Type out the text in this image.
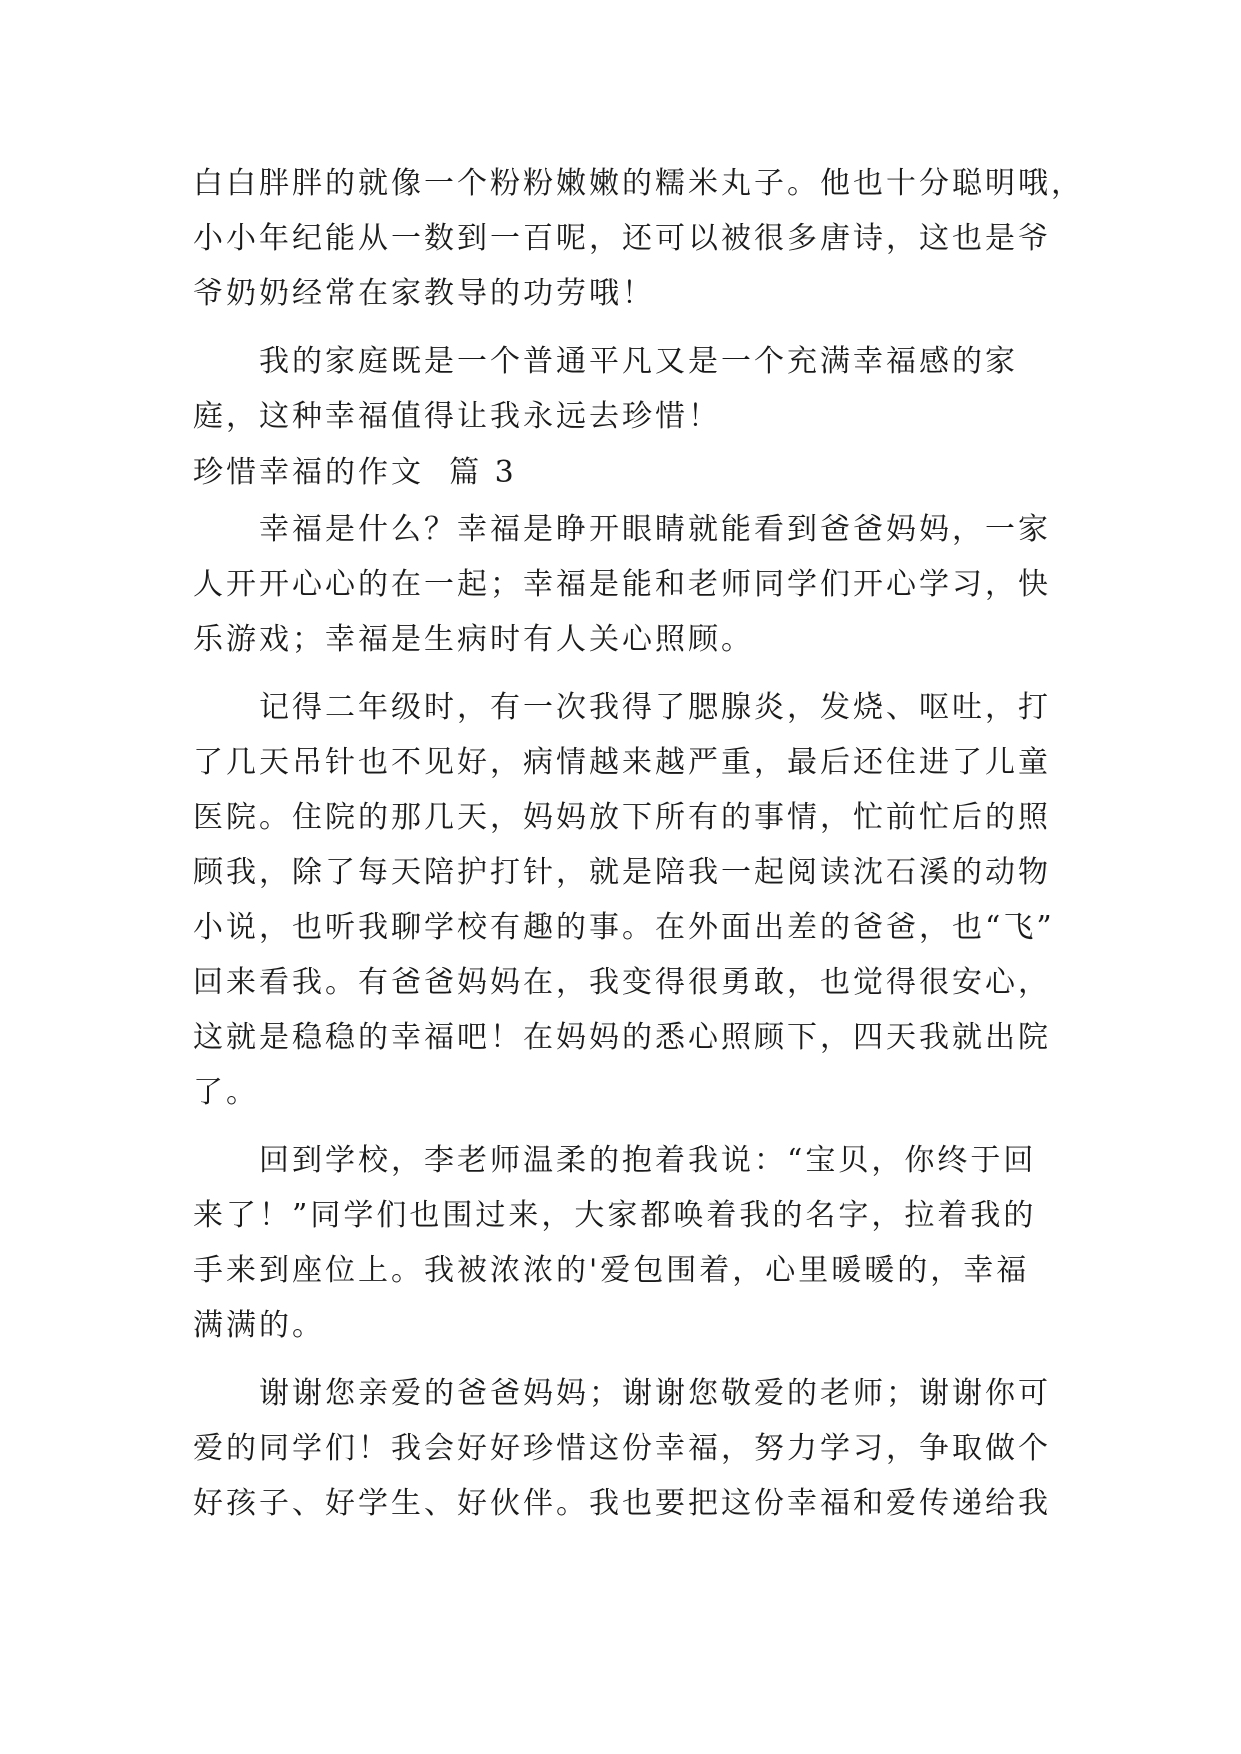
白白胖胖的就像一个粉粉嫩嫩的糯米丸子。他也十分聪明哦，
小小年纪能从一数到一百呢，还可以被很多唐诗，这也是爷
爷奶奶经常在家教导的功劳哦！
　　我的家庭既是一个普通平凡又是一个充满幸福感的家
庭，这种幸福值得让我永远去珍惜！
珍惜幸福的作文  篇 3
　　幸福是什么？幸福是睁开眼睛就能看到爸爸妈妈，一家
人开开心心的在一起；幸福是能和老师同学们开心学习，快
乐游戏；幸福是生病时有人关心照顾。
　　记得二年级时，有一次我得了腮腺炎，发烧、呕吐，打
了几天吊针也不见好，病情越来越严重，最后还住进了儿童
医院。住院的那几天，妈妈放下所有的事情，忙前忙后的照
顾我，除了每天陪护打针，就是陪我一起阅读沈石溪的动物
小说，也听我聊学校有趣的事。在外面出差的爸爸，也“飞”
回来看我。有爸爸妈妈在，我变得很勇敢，也觉得很安心，
这就是稳稳的幸福吧！在妈妈的悉心照顾下，四天我就出院
了。
　　回到学校，李老师温柔的抱着我说：“宝贝，你终于回
来了！”同学们也围过来，大家都唤着我的名字，拉着我的
手来到座位上。我被浓浓的'爱包围着，心里暖暖的，幸福
满满的。
　　谢谢您亲爱的爸爸妈妈；谢谢您敬爱的老师；谢谢你可
爱的同学们！我会好好珍惜这份幸福，努力学习，争取做个
好孩子、好学生、好伙伴。我也要把这份幸福和爱传递给我
